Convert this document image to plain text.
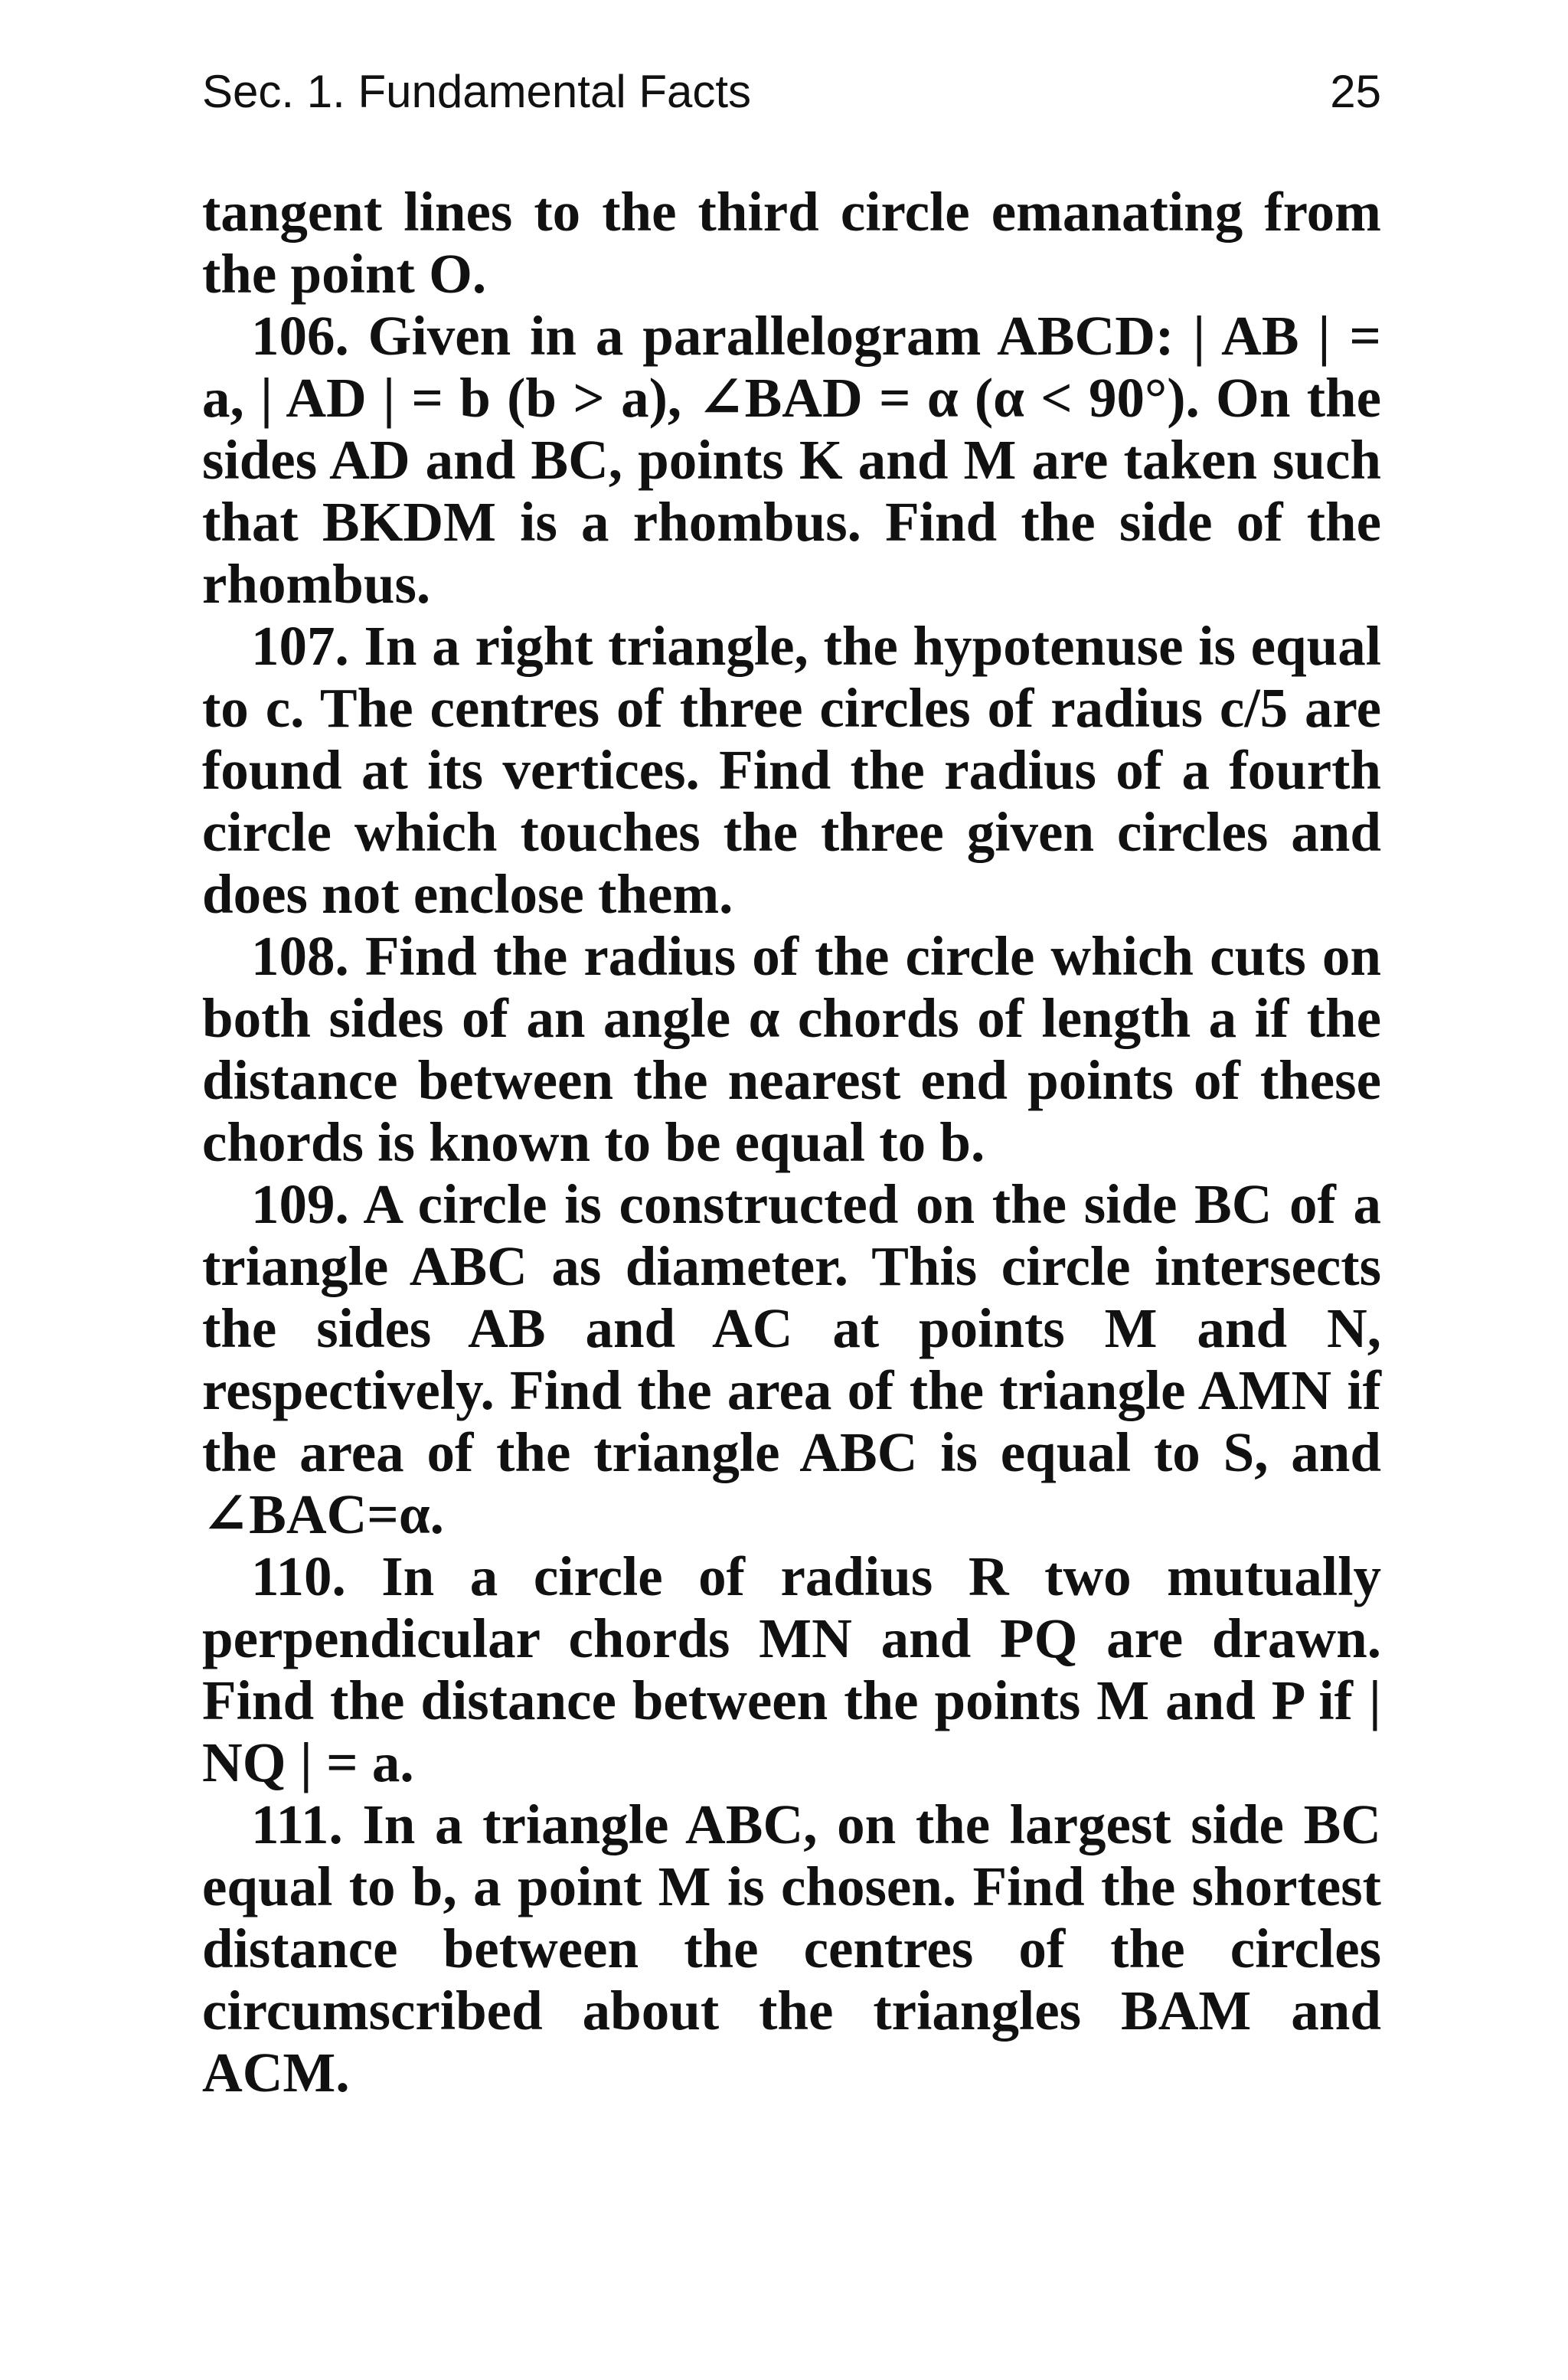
Sec. 1. Fundamental Facts	25

tangent lines to the third circle emanating from the point O.

106. Given in a parallelogram ABCD: | AB | = a, | AD | = b (b > a), ∠BAD = α (α < 90°). On the sides AD and BC, points K and M are taken such that BKDM is a rhombus. Find the side of the rhombus.

107. In a right triangle, the hypotenuse is equal to c. The centres of three circles of radius c/5 are found at its vertices. Find the radius of a fourth circle which touches the three given circles and does not enclose them.

108. Find the radius of the circle which cuts on both sides of an angle α chords of length a if the distance between the nearest end points of these chords is known to be equal to b.

109. A circle is constructed on the side BC of a triangle ABC as diameter. This circle intersects the sides AB and AC at points M and N, respectively. Find the area of the triangle AMN if the area of the triangle ABC is equal to S, and ∠BAC=α.

110. In a circle of radius R two mutually perpendicular chords MN and PQ are drawn. Find the distance between the points M and P if | NQ | = a.

111. In a triangle ABC, on the largest side BC equal to b, a point M is chosen. Find the shortest distance between the centres of the circles circumscribed about the triangles BAM and ACM.
